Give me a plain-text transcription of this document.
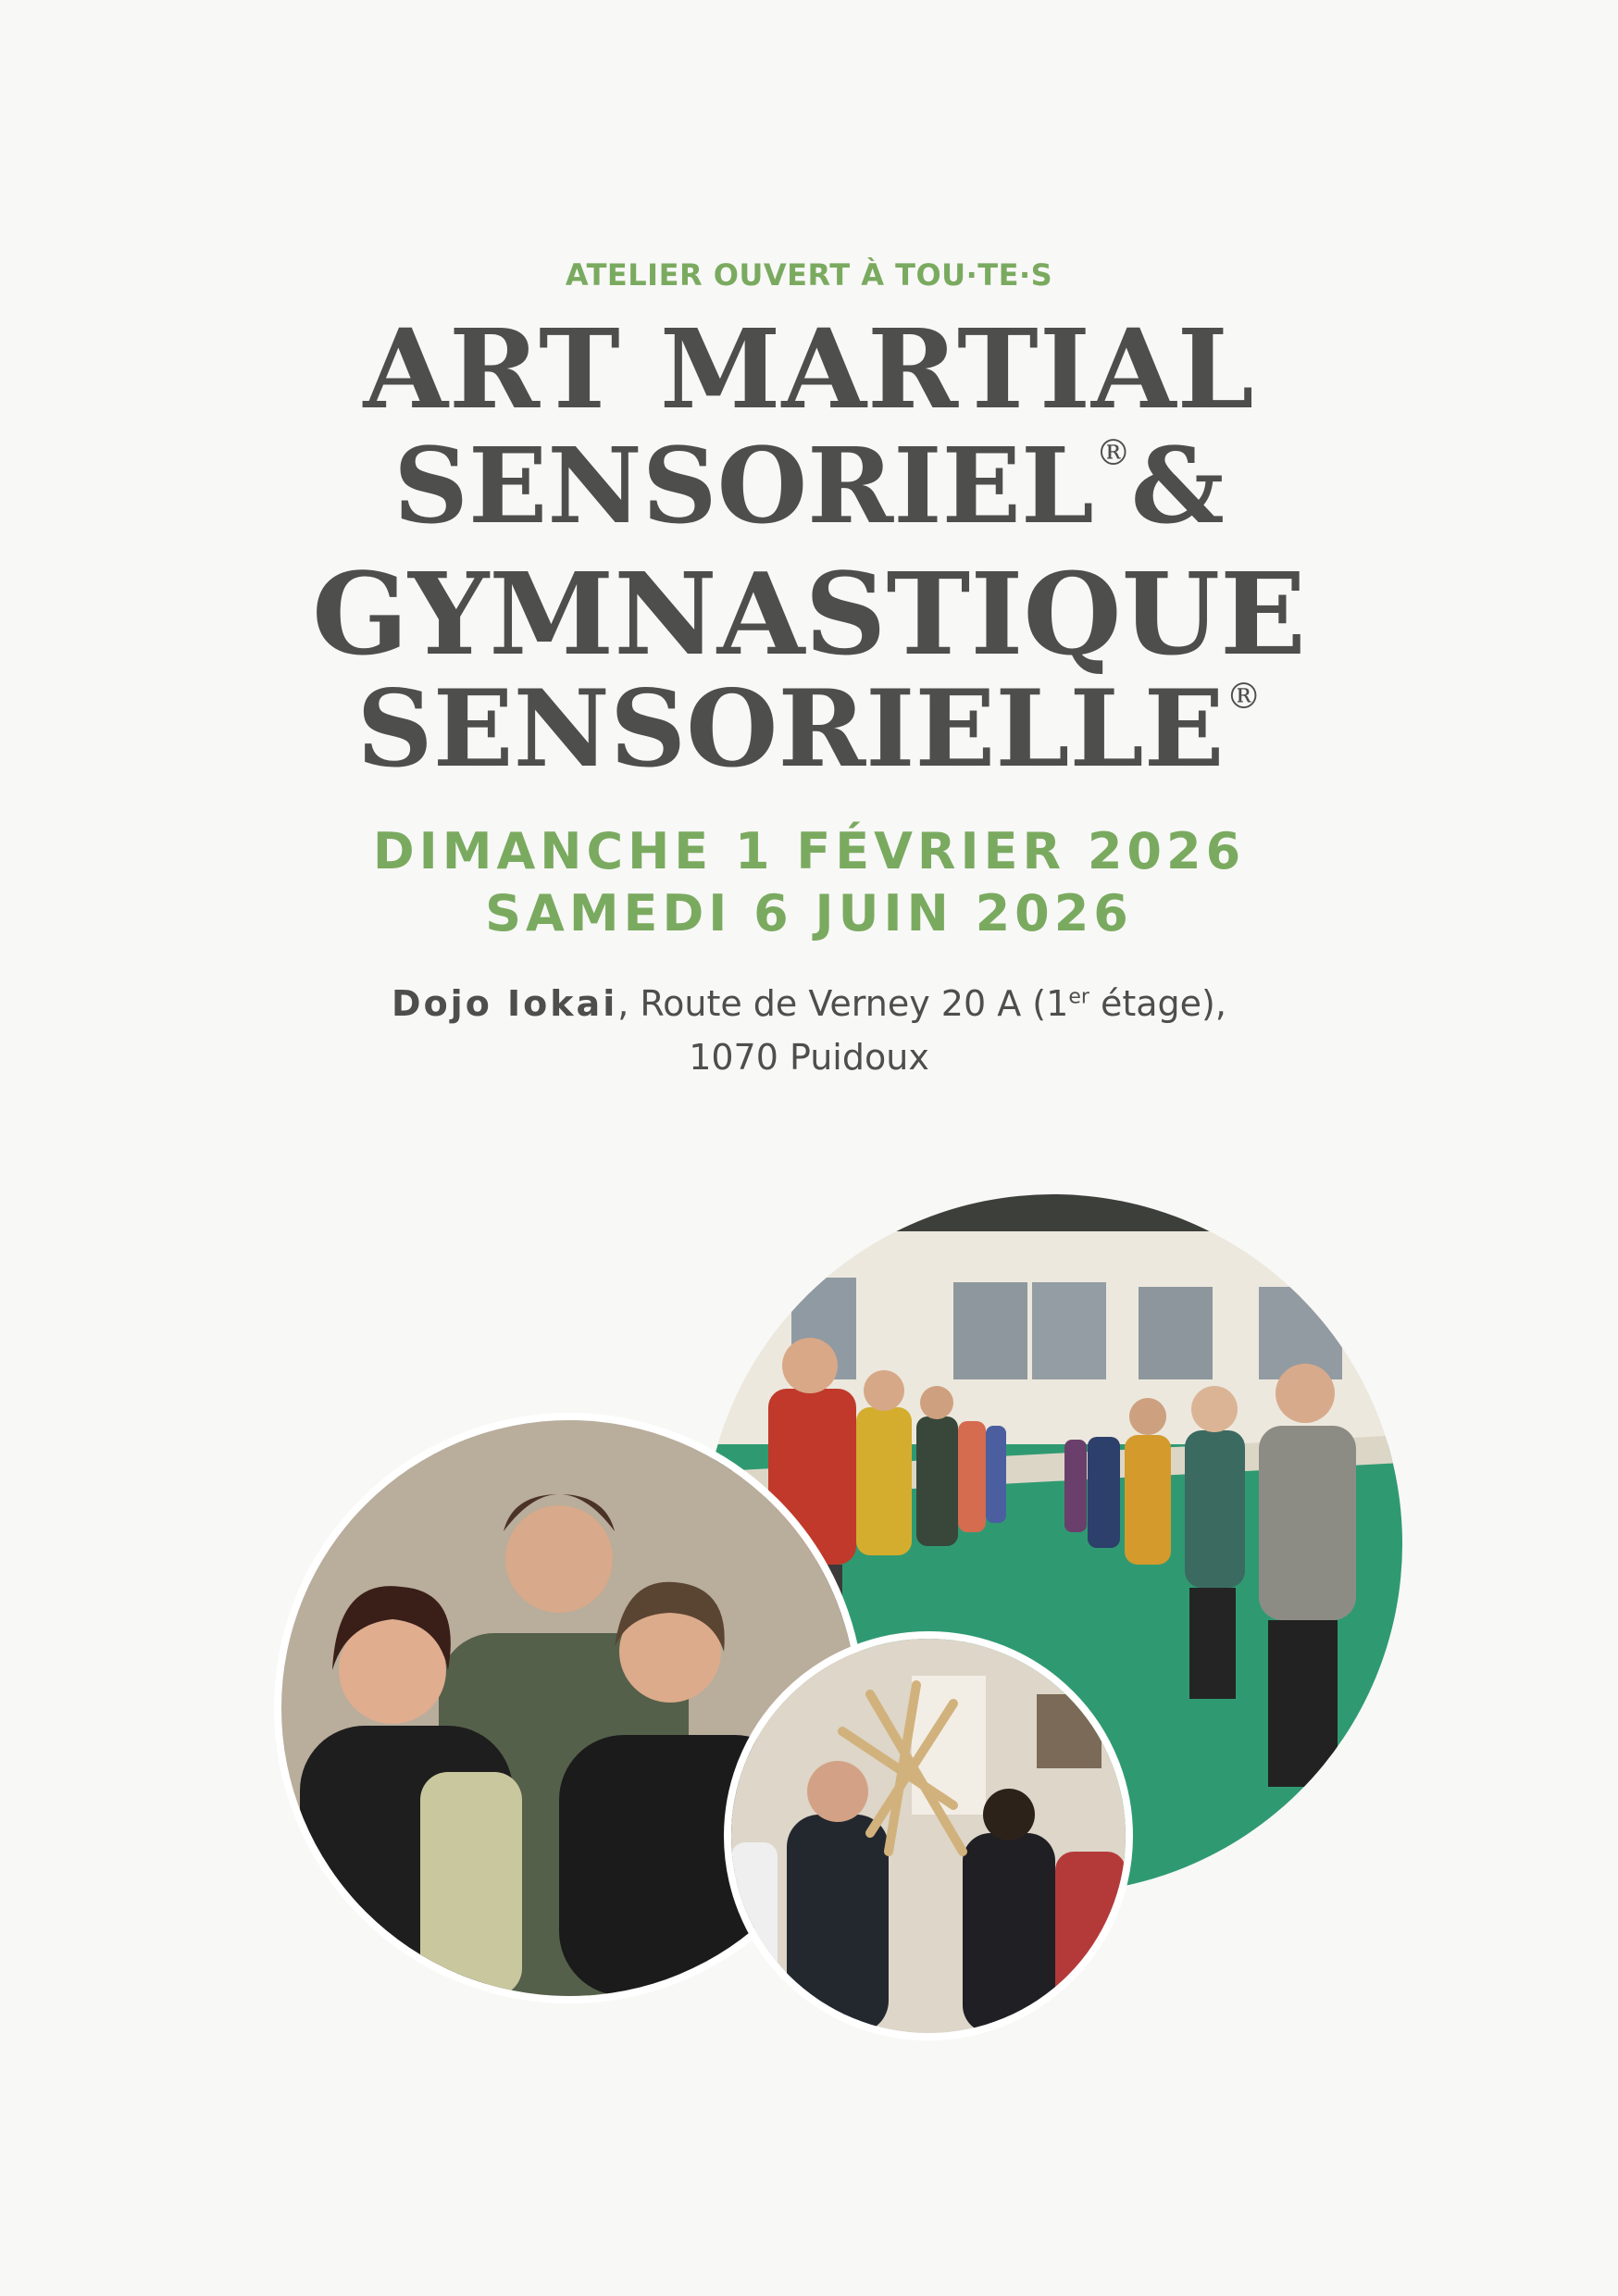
ATELIER OUVERT À TOU·TE·S
ART MARTIAL
SENSORIEL®&
GYMNASTIQUE
SENSORIELLE®
DIMANCHE 1 FÉVRIER 2026
SAMEDI 6 JUIN 2026
Dojo Iokai, Route de Verney 20 A (1er étage),
1070 Puidoux
